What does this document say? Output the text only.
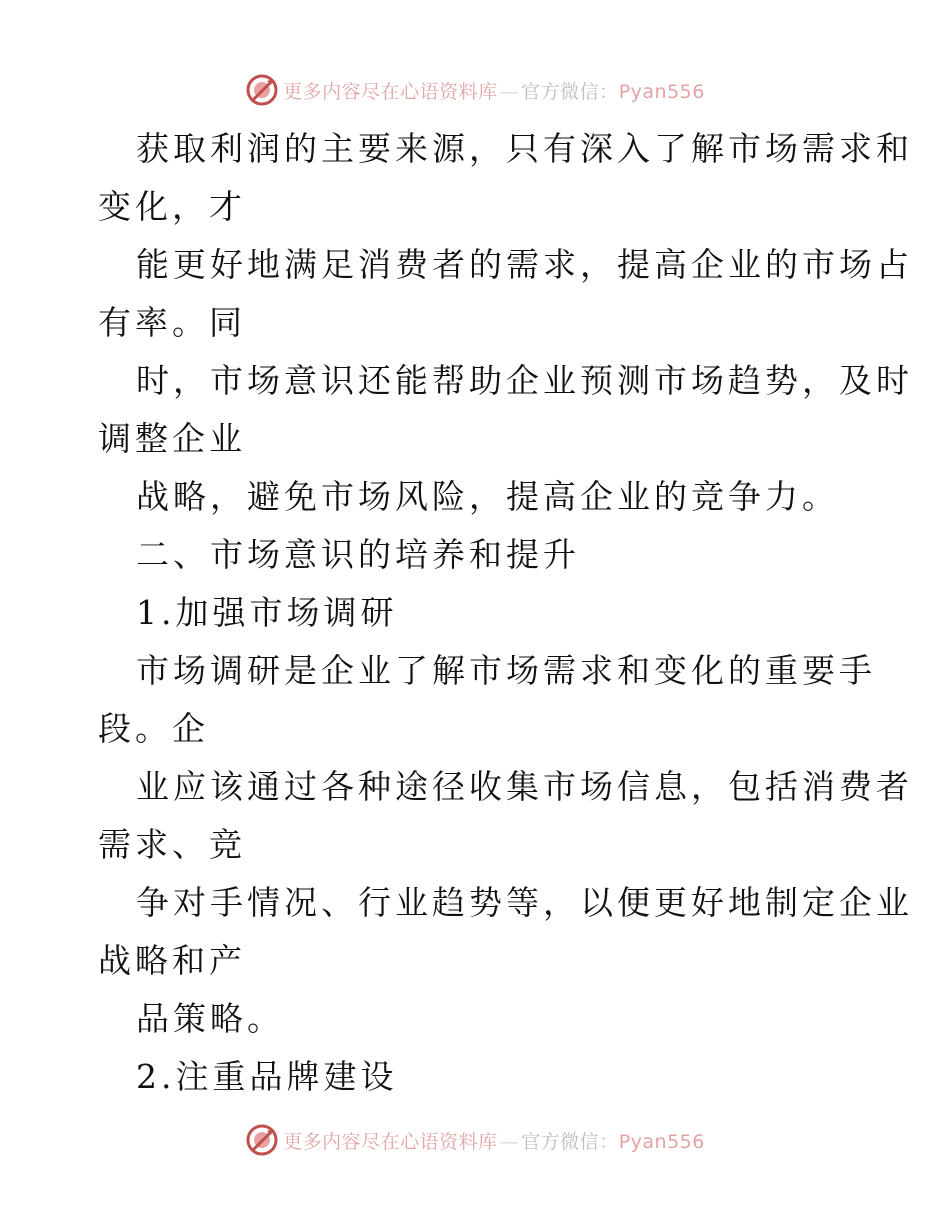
更多内容尽在心语资料库 — 官方微信：Pyan556
获取利润的主要来源，只有深入了解市场需求和
变化，才
能更好地满足消费者的需求，提高企业的市场占
有率。同
时，市场意识还能帮助企业预测市场趋势，及时
调整企业
战略，避免市场风险，提高企业的竞争力。
二、市场意识的培养和提升
1.加强市场调研
市场调研是企业了解市场需求和变化的重要手
段。企
业应该通过各种途径收集市场信息，包括消费者
需求、竞
争对手情况、行业趋势等，以便更好地制定企业
战略和产
品策略。
2.注重品牌建设
更多内容尽在心语资料库 — 官方微信：Pyan556
